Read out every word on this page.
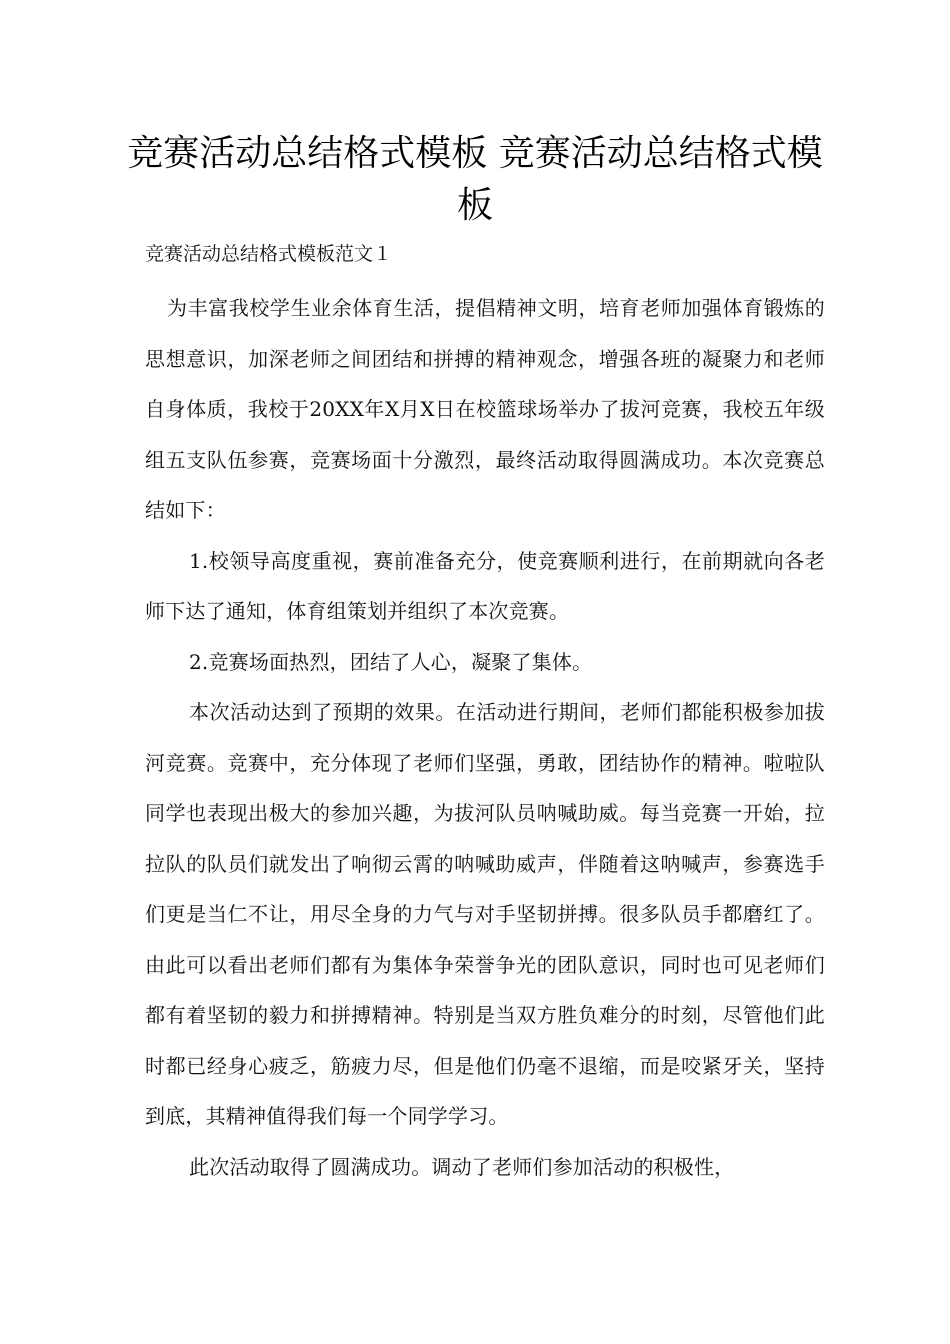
竞赛活动总结格式模板 竞赛活动总结格式模板

竞赛活动总结格式模板范文１

为丰富我校学生业余体育生活，提倡精神文明，培育老师加强体育锻炼的思想意识，加深老师之间团结和拼搏的精神观念，增强各班的凝聚力和老师自身体质，我校于20XX年X月X日在校篮球场举办了拔河竞赛，我校五年级组五支队伍参赛，竞赛场面十分激烈，最终活动取得圆满成功。本次竞赛总结如下：

1.校领导高度重视，赛前准备充分，使竞赛顺利进行，在前期就向各老师下达了通知，体育组策划并组织了本次竞赛。

2.竞赛场面热烈，团结了人心，凝聚了集体。

本次活动达到了预期的效果。在活动进行期间，老师们都能积极参加拔河竞赛。竞赛中，充分体现了老师们坚强，勇敢，团结协作的精神。啦啦队同学也表现出极大的参加兴趣，为拔河队员呐喊助威。每当竞赛一开始，拉拉队的队员们就发出了响彻云霄的呐喊助威声，伴随着这呐喊声，参赛选手们更是当仁不让，用尽全身的力气与对手坚韧拼搏。很多队员手都磨红了。由此可以看出老师们都有为集体争荣誉争光的团队意识，同时也可见老师们都有着坚韧的毅力和拼搏精神。特别是当双方胜负难分的时刻，尽管他们此时都已经身心疲乏，筋疲力尽，但是他们仍毫不退缩，而是咬紧牙关，坚持到底，其精神值得我们每一个同学学习。

此次活动取得了圆满成功。调动了老师们参加活动的积极性，
